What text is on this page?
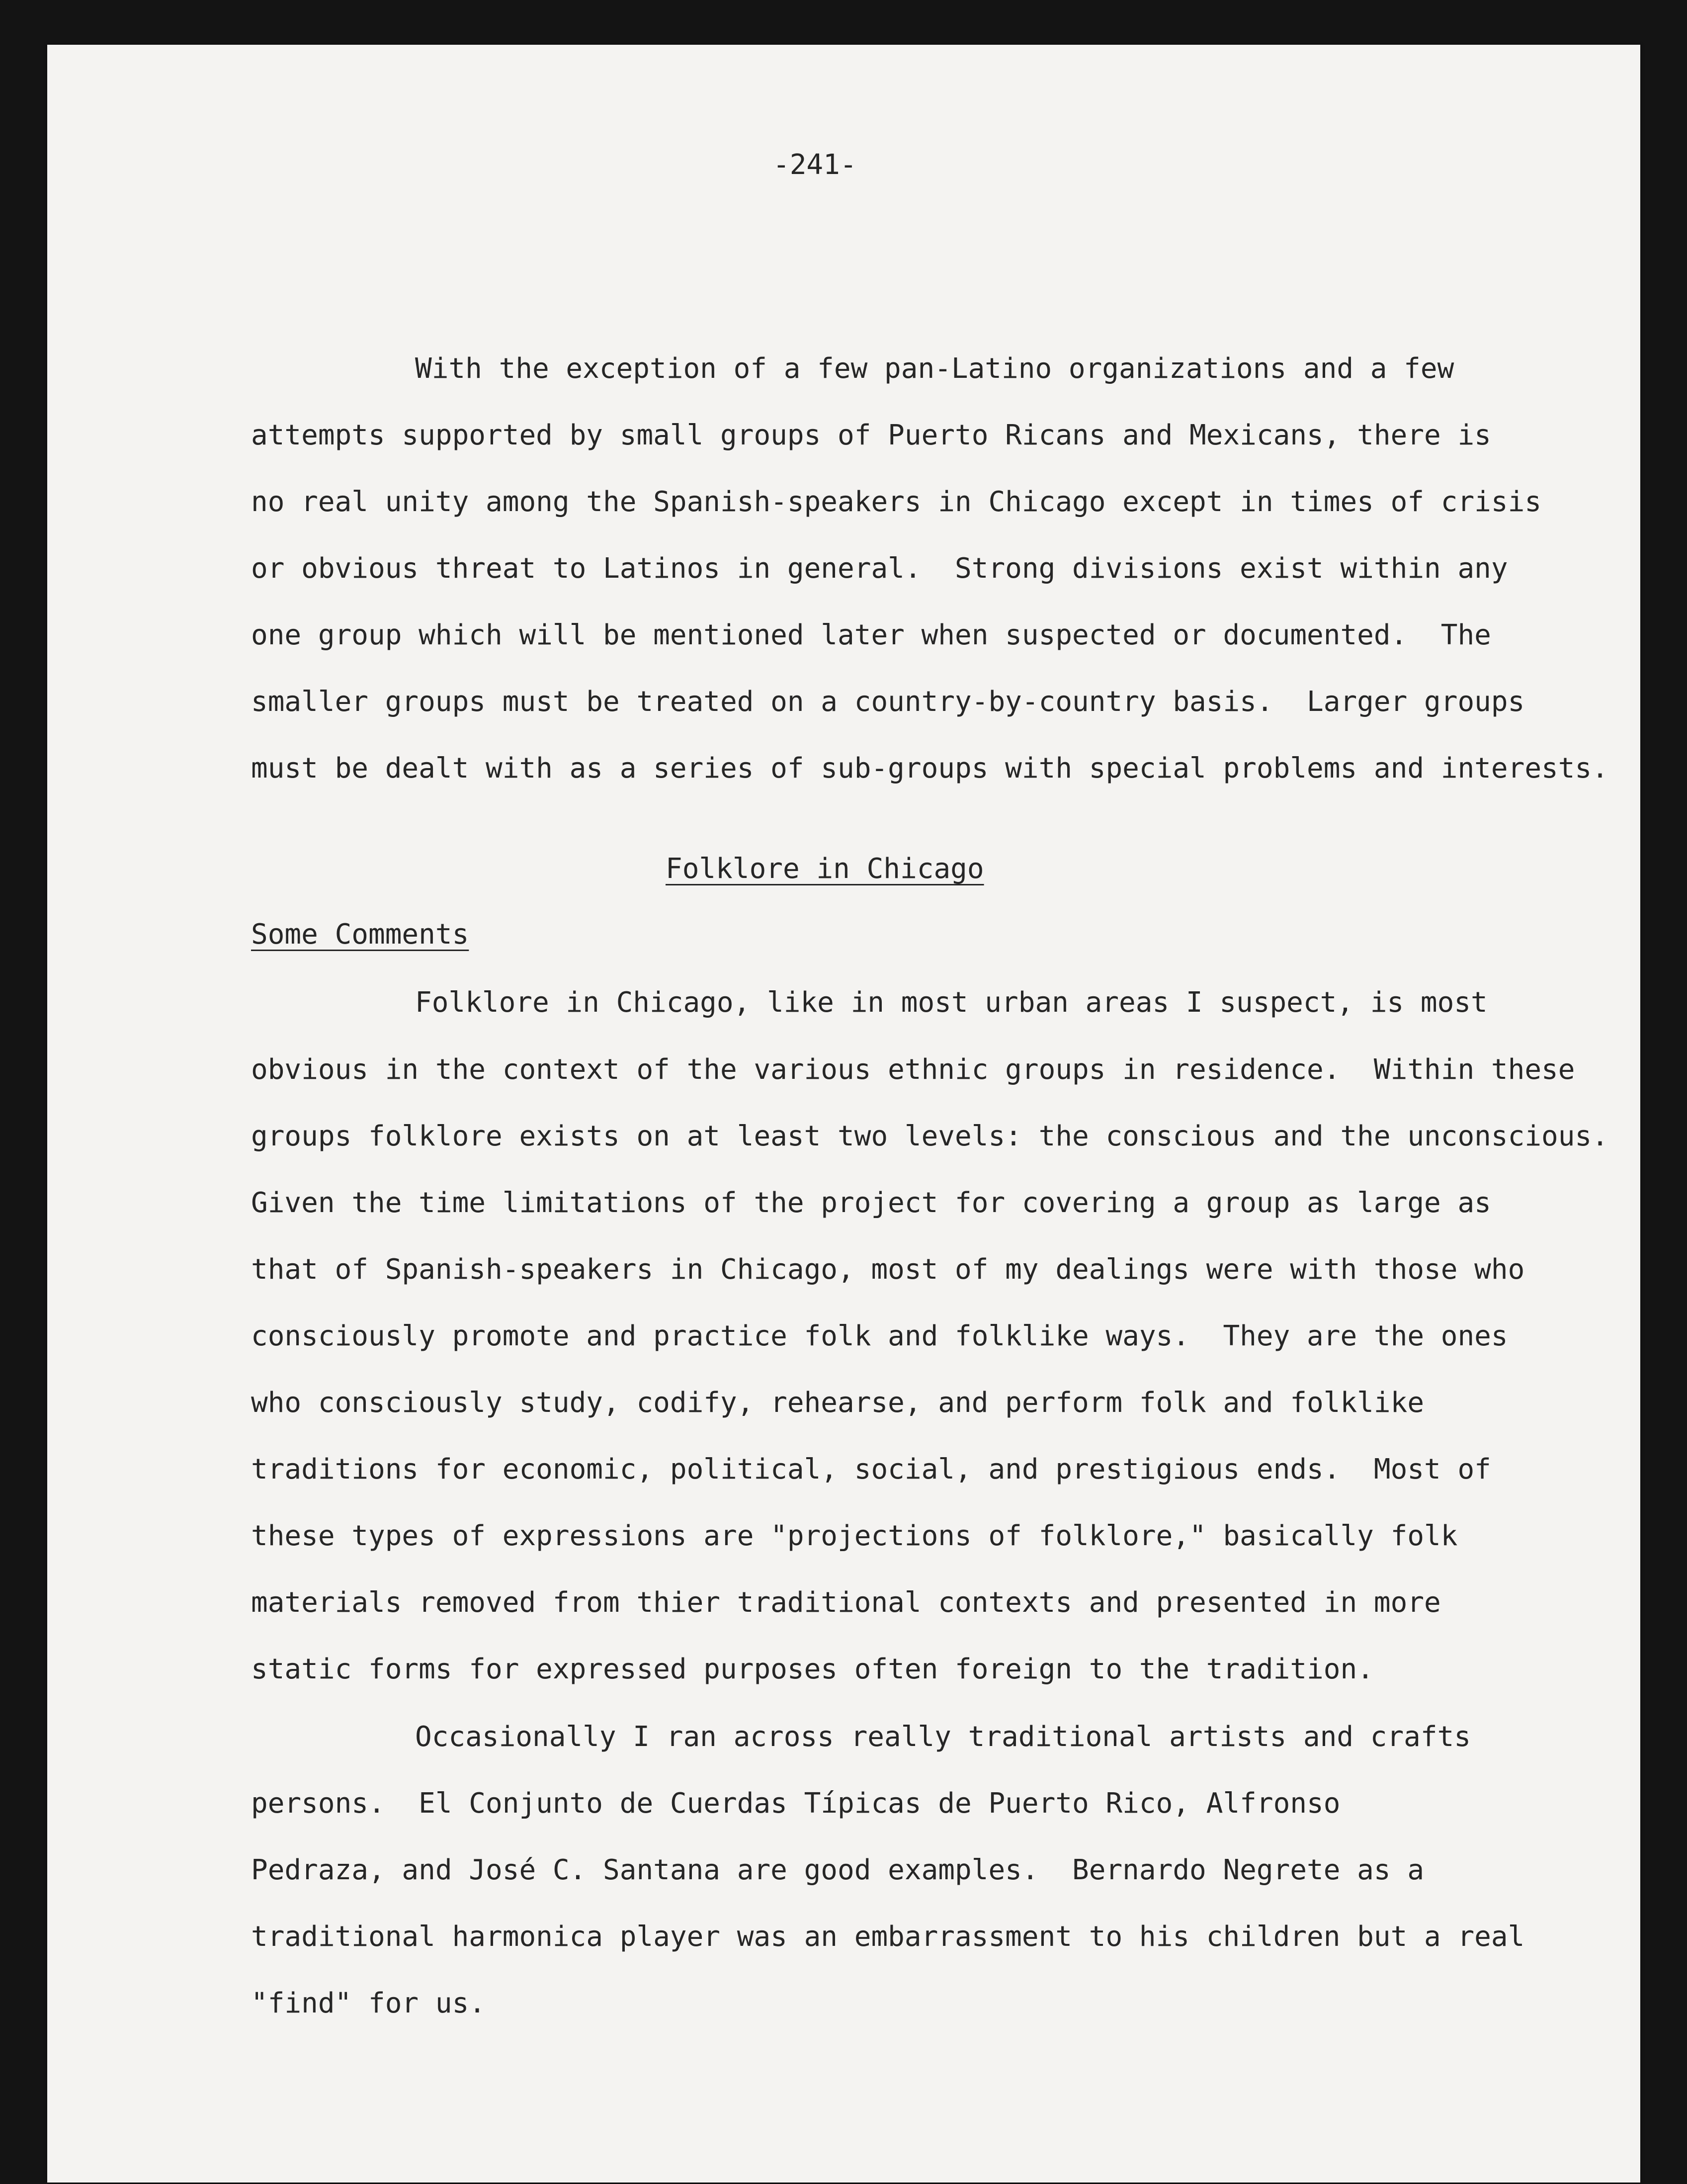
-241-
With the exception of a few pan-Latino organizations and a few
attempts supported by small groups of Puerto Ricans and Mexicans, there is
no real unity among the Spanish-speakers in Chicago except in times of crisis
or obvious threat to Latinos in general.  Strong divisions exist within any
one group which will be mentioned later when suspected or documented.  The
smaller groups must be treated on a country-by-country basis.  Larger groups
must be dealt with as a series of sub-groups with special problems and interests.
Folklore in Chicago
Some Comments
Folklore in Chicago, like in most urban areas I suspect, is most
obvious in the context of the various ethnic groups in residence.  Within these
groups folklore exists on at least two levels: the conscious and the unconscious.
Given the time limitations of the project for covering a group as large as
that of Spanish-speakers in Chicago, most of my dealings were with those who
consciously promote and practice folk and folklike ways.  They are the ones
who consciously study, codify, rehearse, and perform folk and folklike
traditions for economic, political, social, and prestigious ends.  Most of
these types of expressions are "projections of folklore," basically folk
materials removed from thier traditional contexts and presented in more
static forms for expressed purposes often foreign to the tradition.
Occasionally I ran across really traditional artists and crafts
persons.  El Conjunto de Cuerdas Típicas de Puerto Rico, Alfronso
Pedraza, and José C. Santana are good examples.  Bernardo Negrete as a
traditional harmonica player was an embarrassment to his children but a real
"find" for us.
